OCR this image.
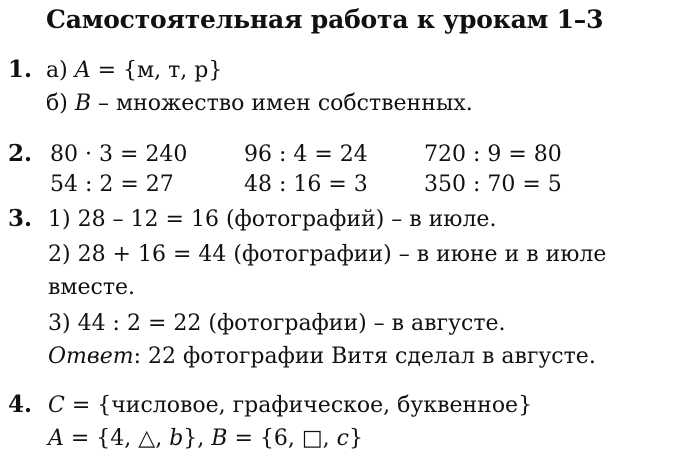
Самостоятельная работа к урокам 1–3
1. а) A = {м, т, р}
б) B – множество имен собственных.
2. 80 · 3 = 240	96 : 4 = 24	720 : 9 = 80
54 : 2 = 27	48 : 16 = 3	350 : 70 = 5
3. 1) 28 – 12 = 16 (фотографий) – в июле.
2) 28 + 16 = 44 (фотографии) – в июне и в июле
вместе.
3) 44 : 2 = 22 (фотографии) – в августе.
Ответ: 22 фотографии Витя сделал в августе.
4. C = {числовое, графическое, буквенное}
A = {4, △, b}, B = {6, □, c}
